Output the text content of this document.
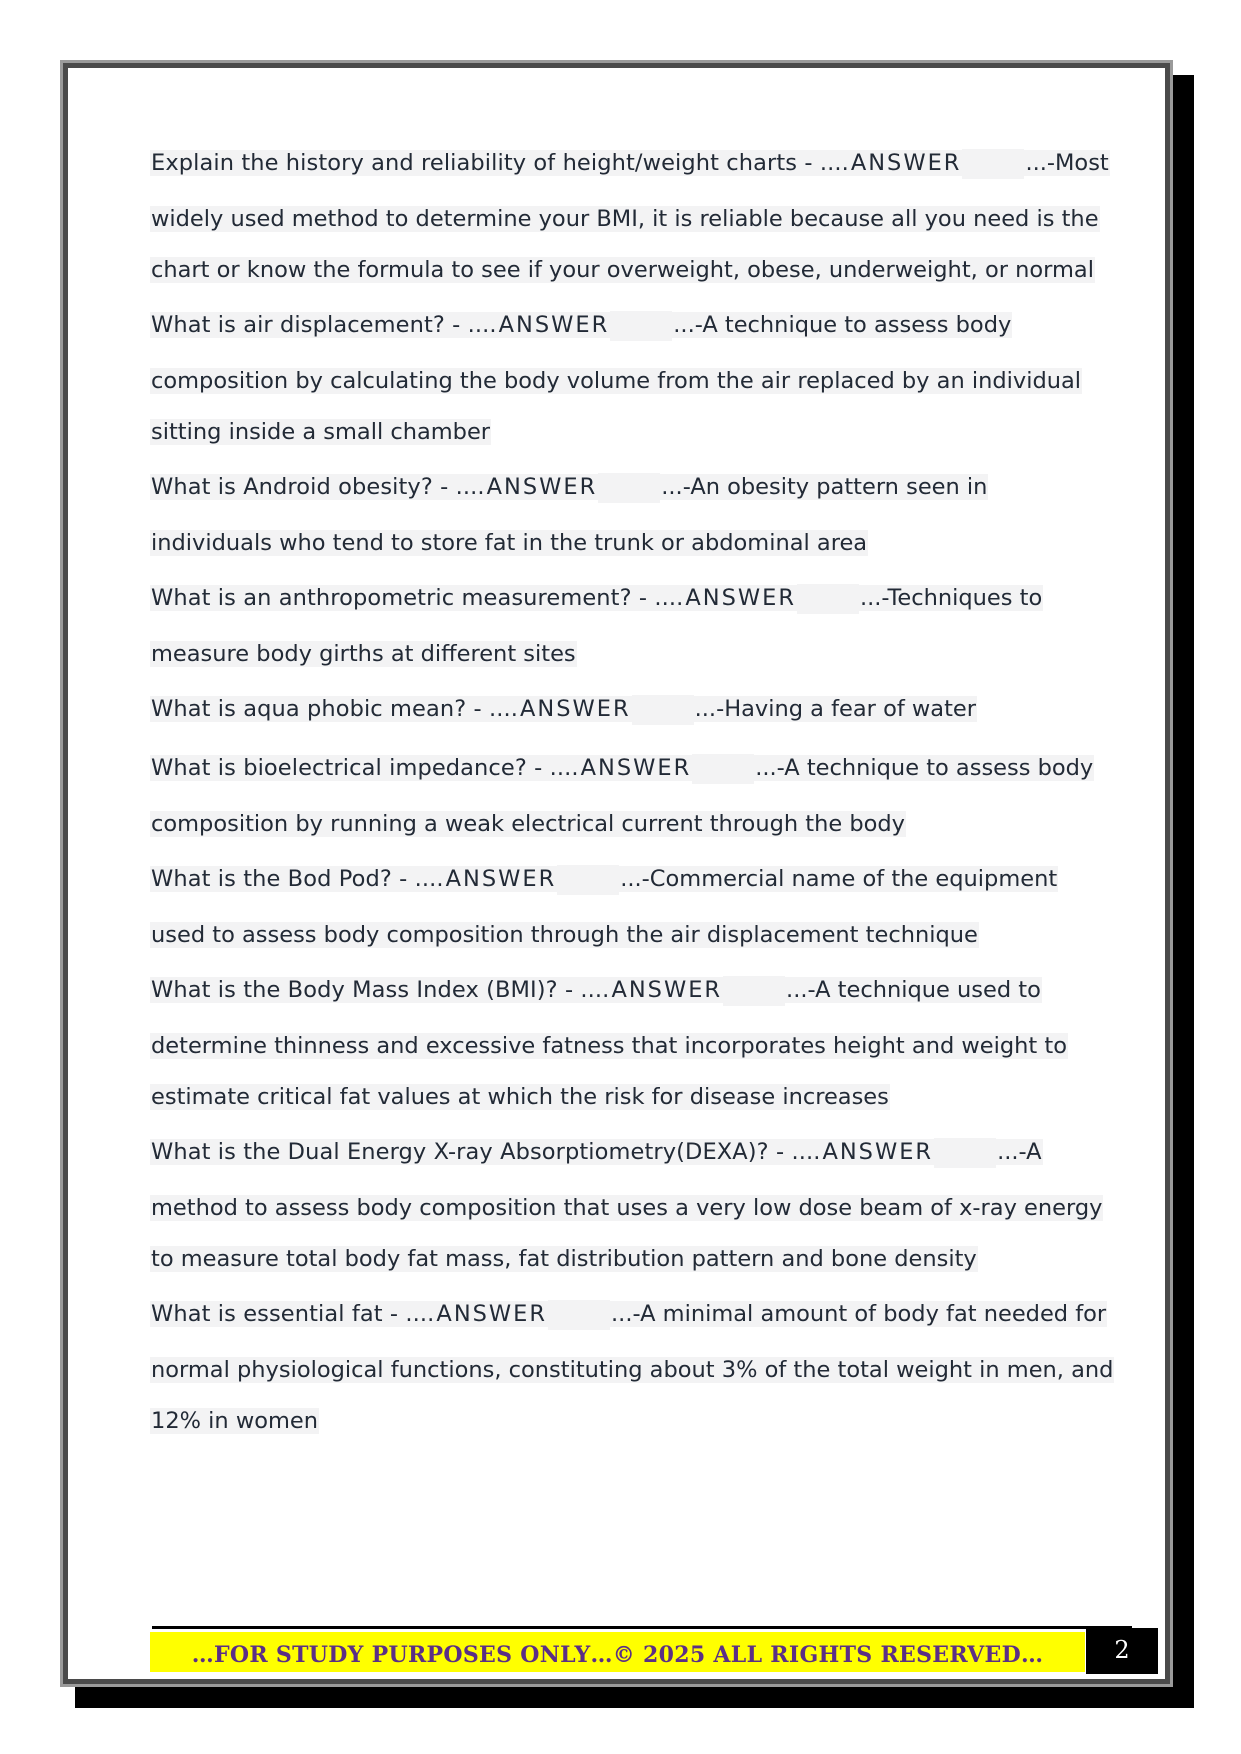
Explain the history and reliability of height/weight charts - ....ANSWER	...-Most
widely used method to determine your BMI, it is reliable because all you need is the
chart or know the formula to see if your overweight, obese, underweight, or normal
What is air displacement? - ....ANSWER	...-A technique to assess body
composition by calculating the body volume from the air replaced by an individual
sitting inside a small chamber
What is Android obesity? - ....ANSWER	...-An obesity pattern seen in
individuals who tend to store fat in the trunk or abdominal area
What is an anthropometric measurement? - ....ANSWER	...-Techniques to
measure body girths at different sites
What is aqua phobic mean? - ....ANSWER	...-Having a fear of water
What is bioelectrical impedance? - ....ANSWER	...-A technique to assess body
composition by running a weak electrical current through the body
What is the Bod Pod? - ....ANSWER	...-Commercial name of the equipment
used to assess body composition through the air displacement technique
What is the Body Mass Index (BMI)? - ....ANSWER	...-A technique used to
determine thinness and excessive fatness that incorporates height and weight to
estimate critical fat values at which the risk for disease increases
What is the Dual Energy X-ray Absorptiometry(DEXA)? - ....ANSWER	...-A
method to assess body composition that uses a very low dose beam of x-ray energy
to measure total body fat mass, fat distribution pattern and bone density
What is essential fat - ....ANSWER	...-A minimal amount of body fat needed for
normal physiological functions, constituting about 3% of the total weight in men, and
12% in women
…FOR STUDY PURPOSES ONLY…© 2025 ALL RIGHTS RESERVED…	2
